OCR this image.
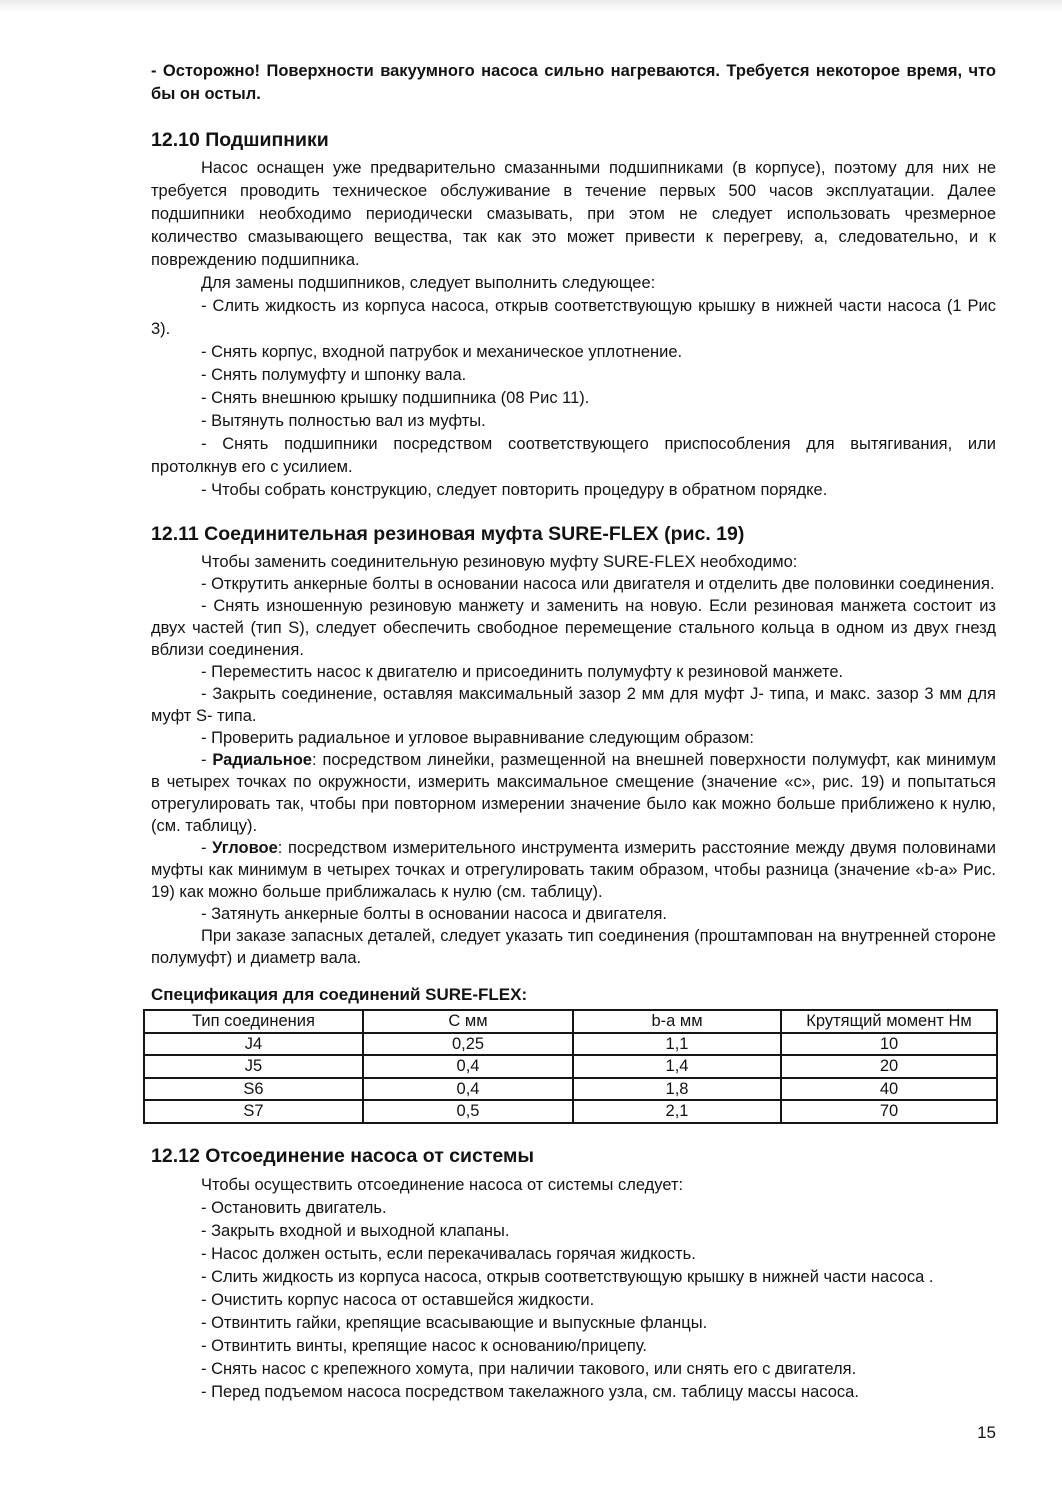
- Осторожно! Поверхности вакуумного насоса сильно нагреваются. Требуется некоторое время, что бы он остыл.

12.10 Подшипники

Насос оснащен уже предварительно смазанными подшипниками (в корпусе), поэтому для них не требуется проводить техническое обслуживание в течение первых 500 часов эксплуатации. Далее подшипники необходимо периодически смазывать, при этом не следует использовать чрезмерное количество смазывающего вещества, так как это может привести к перегреву, а, следовательно, и к повреждению подшипника.

Для замены подшипников, следует выполнить следующее:

- Слить жидкость из корпуса насоса, открыв соответствующую крышку в нижней части насоса (1 Рис 3).

- Снять корпус, входной патрубок и механическое уплотнение.

- Снять полумуфту и шпонку вала.

- Снять внешнюю крышку подшипника (08 Рис 11).

- Вытянуть полностью вал из муфты.

- Снять подшипники посредством соответствующего приспособления для вытягивания, или протолкнув его с усилием.

- Чтобы собрать конструкцию, следует повторить процедуру в обратном порядке.

12.11 Соединительная резиновая муфта SURE-FLEX (рис. 19)

Чтобы заменить соединительную резиновую муфту SURE-FLEX необходимо:

- Открутить анкерные болты в основании насоса или двигателя и отделить две половинки соединения.

- Снять изношенную резиновую манжету и заменить на новую. Если резиновая манжета состоит из двух частей (тип S), следует обеспечить свободное перемещение стального кольца в одном из двух гнезд вблизи соединения.

- Переместить насос к двигателю и присоединить полумуфту к резиновой манжете.

- Закрыть соединение, оставляя максимальный зазор 2 мм для муфт J- типа, и макс. зазор 3 мм для муфт S- типа.

- Проверить радиальное и угловое выравнивание следующим образом:

- Радиальное: посредством линейки, размещенной на внешней поверхности полумуфт, как минимум в четырех точках по окружности, измерить максимальное смещение (значение «с», рис. 19) и попытаться отрегулировать так, чтобы при повторном измерении значение было как можно больше приближено к нулю, (см. таблицу).

- Угловое: посредством измерительного инструмента измерить расстояние между двумя половинами муфты как минимум в четырех точках и отрегулировать таким образом, чтобы разница (значение «b-a» Рис. 19) как можно больше приближалась к нулю (см. таблицу).

- Затянуть анкерные болты в основании насоса и двигателя.

При заказе запасных деталей, следует указать тип соединения (проштампован на внутренней стороне полумуфт) и диаметр вала.

Спецификация для соединений SURE-FLEX:

Тип соединения	С мм	b-a мм	Крутящий момент Нм
J4	0,25	1,1	10
J5	0,4	1,4	20
S6	0,4	1,8	40
S7	0,5	2,1	70
12.12 Отсоединение насоса от системы

Чтобы осуществить отсоединение насоса от системы следует:

- Остановить двигатель.

- Закрыть входной и выходной клапаны.

- Насос должен остыть, если перекачивалась горячая жидкость.

- Слить жидкость из корпуса насоса, открыв соответствующую крышку в нижней части насоса .

- Очистить корпус насоса от оставшейся жидкости.

- Отвинтить гайки, крепящие всасывающие и выпускные фланцы.

- Отвинтить винты, крепящие насос к основанию/прицепу.

- Снять насос с крепежного хомута, при наличии такового, или снять его с двигателя.

- Перед подъемом насоса посредством такелажного узла, см. таблицу массы насоса.

15
